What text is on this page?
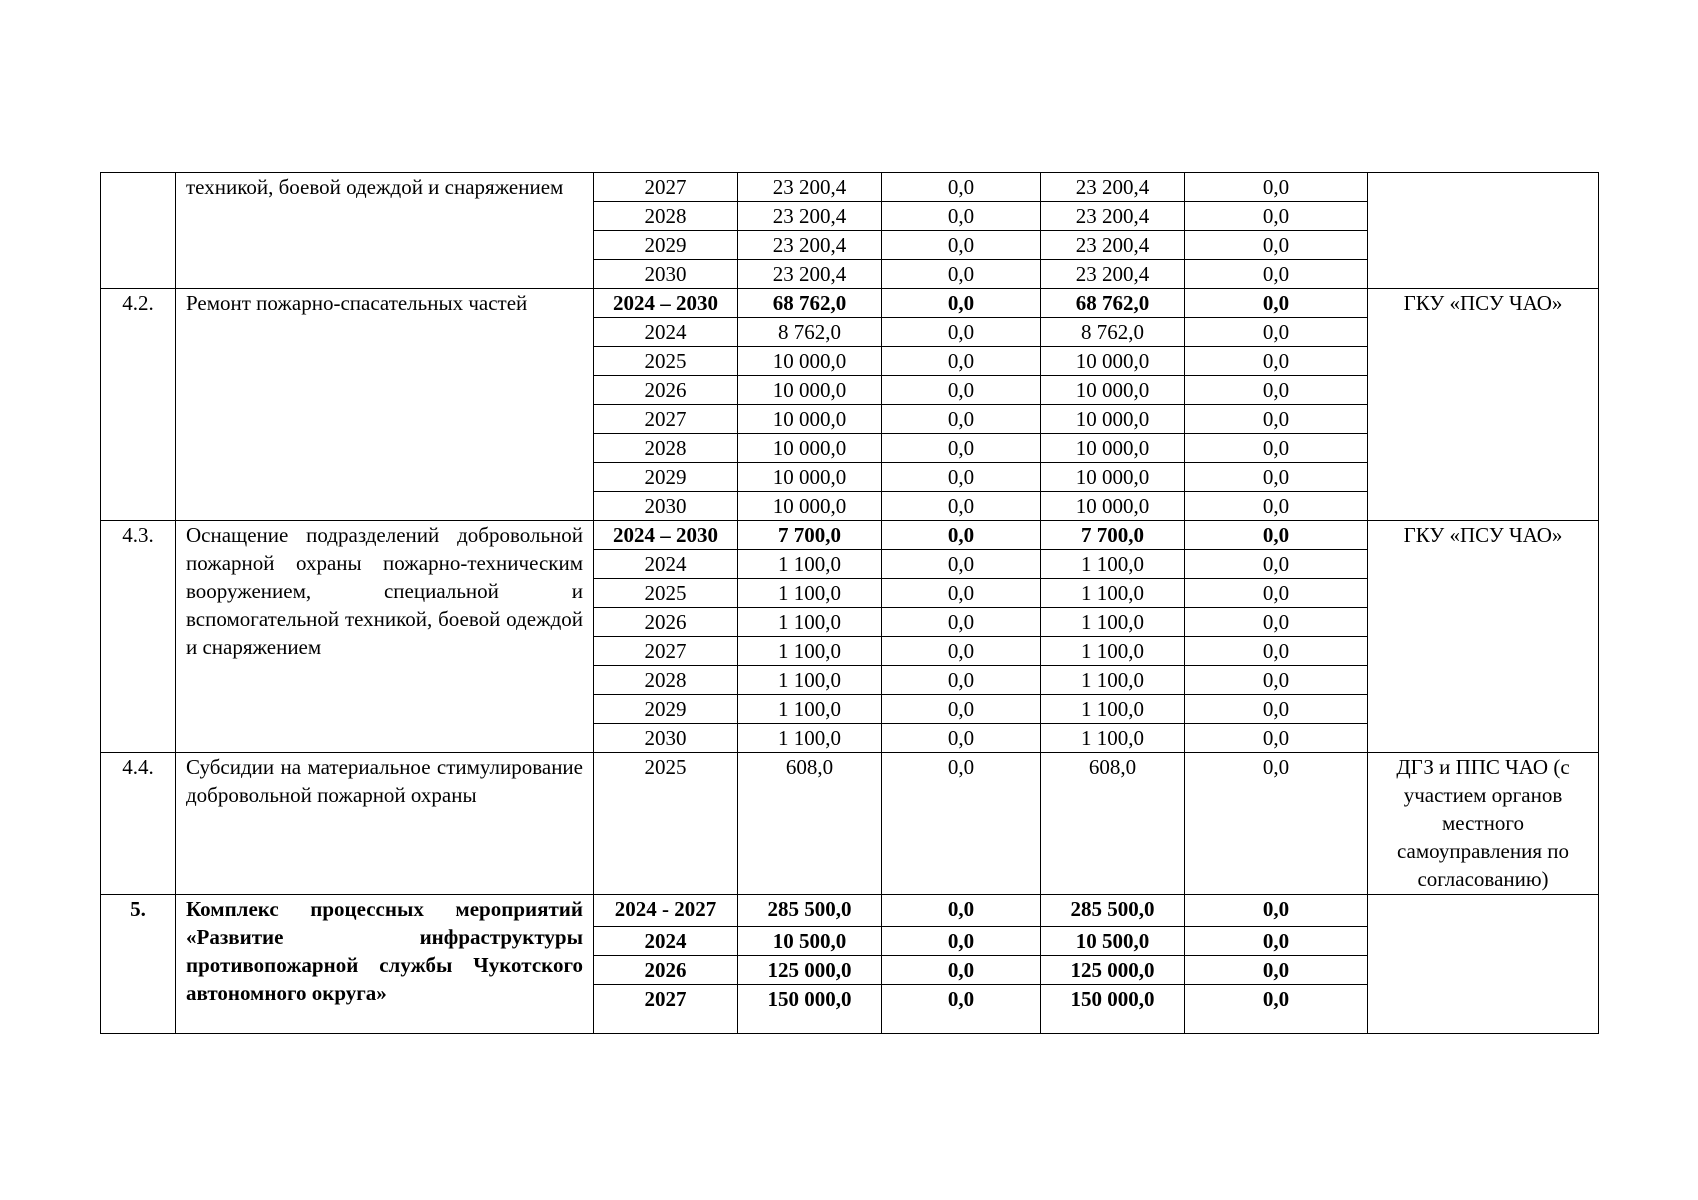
	техникой, боевой одеждой и снаряжением	2027	23 200,4	0,0	23 200,4	0,0	
		2028	23 200,4	0,0	23 200,4	0,0	
		2029	23 200,4	0,0	23 200,4	0,0	
		2030	23 200,4	0,0	23 200,4	0,0	
4.2.	Ремонт пожарно-спасательных частей	2024 – 2030	68 762,0	0,0	68 762,0	0,0	ГКУ «ПСУ ЧАО»
		2024	8 762,0	0,0	8 762,0	0,0	
		2025	10 000,0	0,0	10 000,0	0,0	
		2026	10 000,0	0,0	10 000,0	0,0	
		2027	10 000,0	0,0	10 000,0	0,0	
		2028	10 000,0	0,0	10 000,0	0,0	
		2029	10 000,0	0,0	10 000,0	0,0	
		2030	10 000,0	0,0	10 000,0	0,0	
4.3.	Оснащение подразделений добровольной пожарной охраны пожарно-техническим вооружением, специальной и вспомогательной техникой, боевой одеждой и снаряжением	2024 – 2030	7 700,0	0,0	7 700,0	0,0	ГКУ «ПСУ ЧАО»
		2024	1 100,0	0,0	1 100,0	0,0	
		2025	1 100,0	0,0	1 100,0	0,0	
		2026	1 100,0	0,0	1 100,0	0,0	
		2027	1 100,0	0,0	1 100,0	0,0	
		2028	1 100,0	0,0	1 100,0	0,0	
		2029	1 100,0	0,0	1 100,0	0,0	
		2030	1 100,0	0,0	1 100,0	0,0	
4.4.	Субсидии на материальное стимулирование добровольной пожарной охраны	2025	608,0	0,0	608,0	0,0	ДГЗ и ППС ЧАО (с участием органов местного самоуправления по согласованию)
5.	Комплекс процессных мероприятий «Развитие инфраструктуры противопожарной службы Чукотского автономного округа»	2024 - 2027	285 500,0	0,0	285 500,0	0,0	
		2024	10 500,0	0,0	10 500,0	0,0	
		2026	125 000,0	0,0	125 000,0	0,0	
		2027	150 000,0	0,0	150 000,0	0,0	
